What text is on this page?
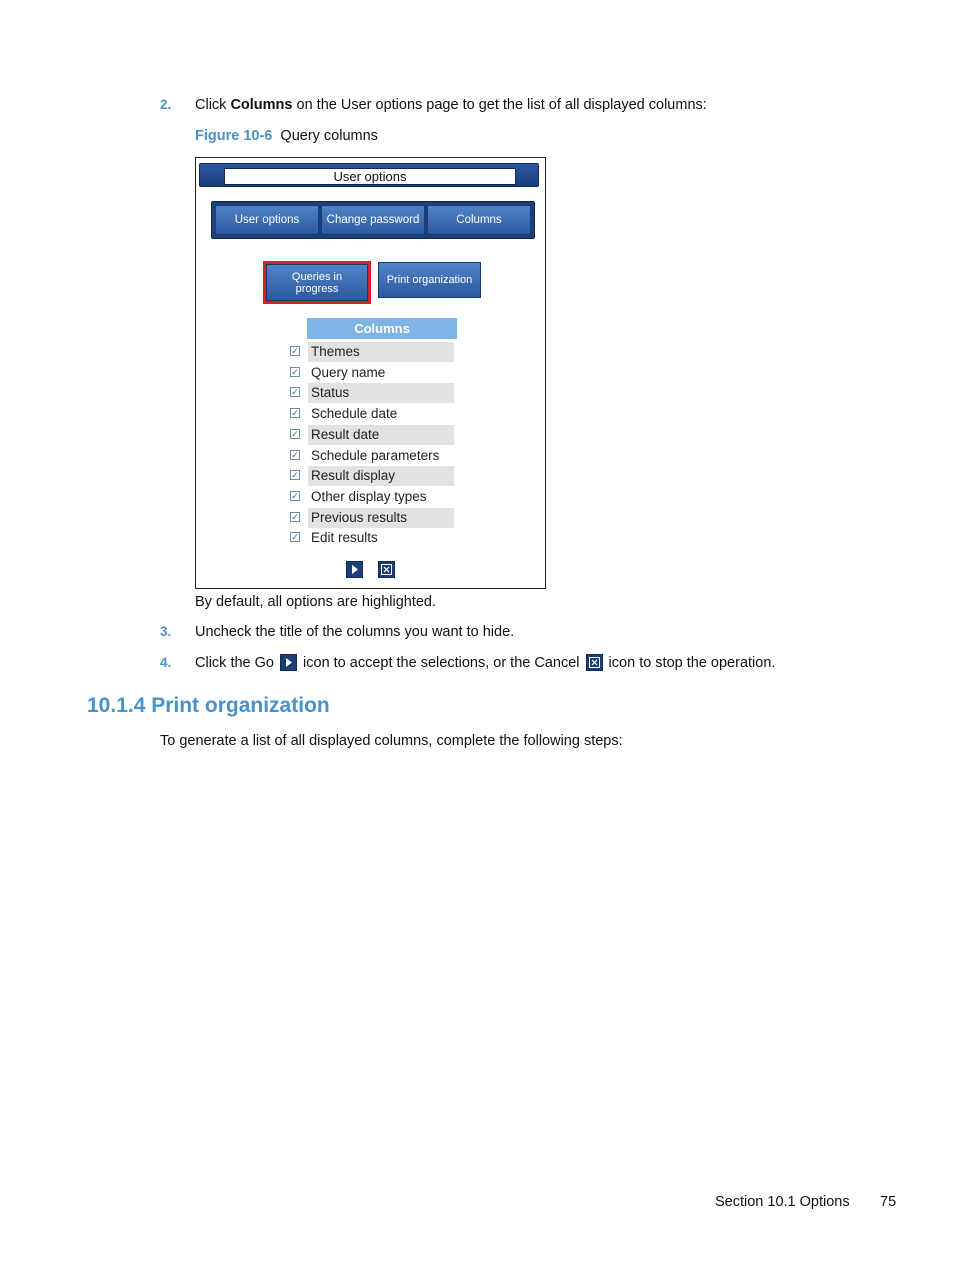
2. Click Columns on the User options page to get the list of all displayed columns:
Figure 10-6 Query columns
User options
User options	Change password	Columns
Queries in progress
Print organization
Columns
✓ Themes
✓ Query name
✓ Status
✓ Schedule date
✓ Result date
✓ Schedule parameters
✓ Result display
✓ Other display types
✓ Previous results
✓ Edit results
By default, all options are highlighted.
3. Uncheck the title of the columns you want to hide.
4. Click the Go
icon to accept the selections, or the Cancel
icon to stop the operation.
10.1.4 Print organization
To generate a list of all displayed columns, complete the following steps:
Section 10.1 Options 75
